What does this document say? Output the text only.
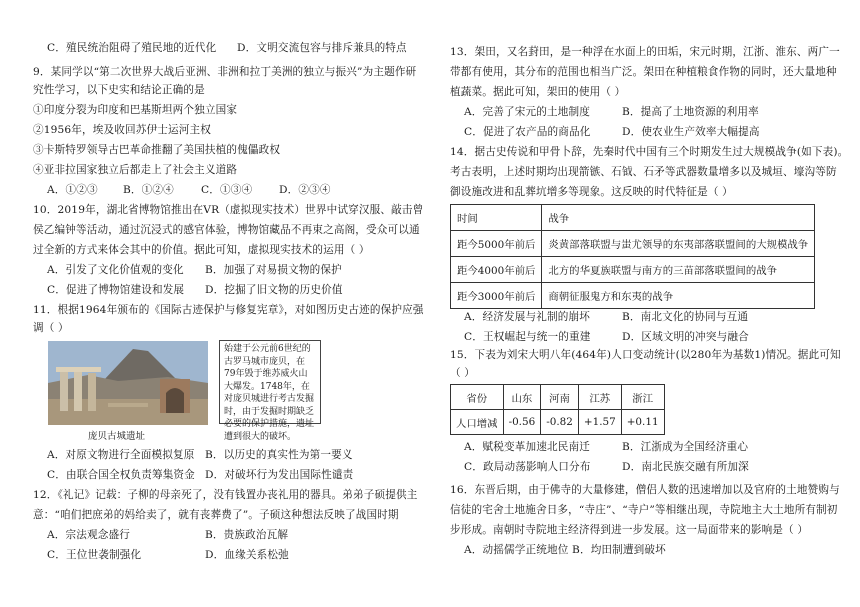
C．殖民统治阻碍了殖民地的近代化 D．文明交流包容与排斥兼具的特点
9．某同学以“第二次世界大战后亚洲、非洲和拉丁美洲的独立与振兴”为主题作研
究性学习，以下史实和结论正确的是
①印度分裂为印度和巴基斯坦两个独立国家
②1956年，埃及收回苏伊士运河主权
③卡斯特罗领导古巴革命推翻了美国扶植的傀儡政权
④亚非拉国家独立后都走上了社会主义道路
A．①②③ B．①②④	C．①③④	D．②③④
10．2019年，湖北省博物馆推出在VR（虚拟现实技术）世界中试穿汉服、敲击曾
侯乙编钟等活动，通过沉浸式的感官体验，博物馆藏品不再束之高阁，受众可以通
过全新的方式来体会其中的价值。据此可知，虚拟现实技术的运用（ ）
A．引发了文化价值观的变化 B．加强了对易损文物的保护
C．促进了博物馆建设和发展 D．挖掘了旧文物的历史价值
11．根据1964年颁布的《国际古迹保护与修复宪章》，对如图历史古迹的保护应强
调（ ）
始建于公元前6世纪的古罗马城市庞贝，在79年毁于维苏威火山大爆发。1748年，在对庞贝城进行考古发掘时，由于发掘时期缺乏必要的保护措施，遗址遭到很大的破坏。
庞贝古城遗址
A．对原文物进行全面模拟复原 B．以历史的真实性为第一要义
C．由联合国全权负责筹集资金 D．对破坏行为发出国际性谴责
12．《礼记》记载：子柳的母亲死了，没有钱置办丧礼用的器具。弟弟子硕提供主
意：“咱们把庶弟的妈给卖了，就有丧葬费了”。子硕这种想法反映了战国时期
A．宗法观念盛行	B．贵族政治瓦解
C．王位世袭制强化	D．血缘关系松弛
13．架田，又名葑田，是一种浮在水面上的田垢，宋元时期，江浙、淮东、两广一
带都有使用，其分布的范围也相当广泛。架田在种植粮食作物的同时，还大量地种
植蔬菜。据此可知，架田的使用（ ）
A．完善了宋元的土地制度	B．提高了土地资源的利用率
C．促进了农产品的商品化	D．使农业生产效率大幅提高
14．据古史传说和甲骨卜辞，先秦时代中国有三个时期发生过大规模战争(如下表)。
考古表明，上述时期均出现箭镞、石钺、石矛等武器数量增多以及城垣、壕沟等防
御设施改进和乱葬坑增多等现象。这反映的时代特征是（ ）
时间	战争
距今5000年前后	炎黄部落联盟与蚩尤领导的东夷部落联盟间的大规模战争
距今4000年前后	北方的华夏族联盟与南方的三苗部落联盟间的战争
距今3000年前后	商朝征服鬼方和东夷的战争
A．经济发展与礼制的崩坏	B．南北文化的协同与互通
C．王权崛起与统一的重建	D．区域文明的冲突与融合
15．下表为刘宋大明八年(464年)人口变动统计(以280年为基数1)情况。据此可知
（ ）
省份	山东	河南	江苏	浙江
人口增减	-0.56	-0.82	+1.57	+0.11
A．赋税变革加速北民南迁	B．江浙成为全国经济重心
C．政局动荡影响人口分布	D．南北民族交融有所加深
16．东晋后期，由于佛寺的大量修建，僧侣人数的迅速增加以及官府的土地赞购与
信徒的宅舍土地施舍日多，“寺庄”、“寺户”等相继出现，寺院地主大土地所有制初
步形成。南朝时寺院地主经济得到进一步发展。这一局面带来的影响是（ ）
A．动摇儒学正统地位 B．均田制遭到破坏
